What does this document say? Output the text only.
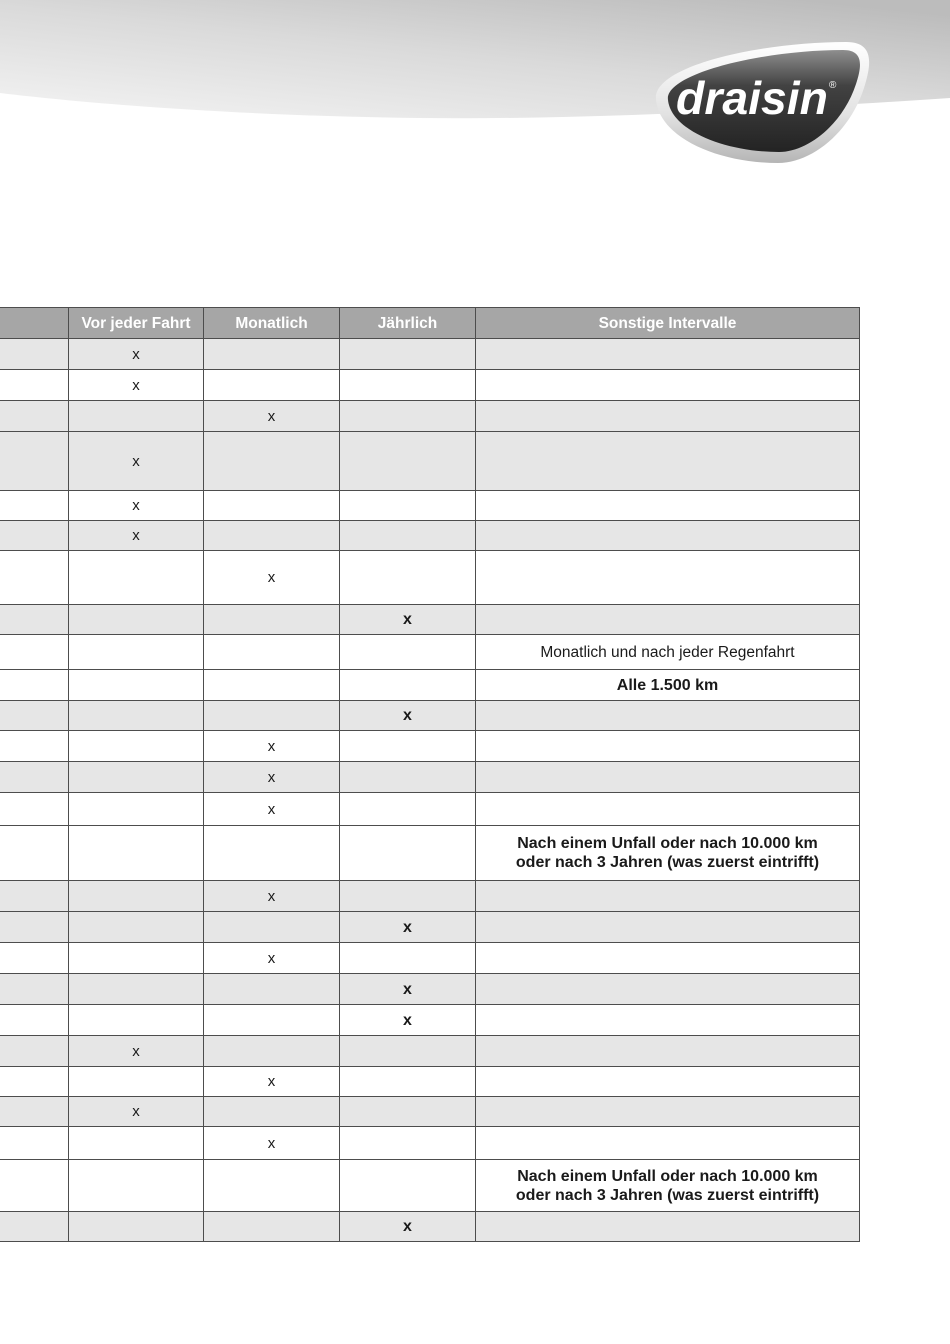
draisin ®
	Vor jeder Fahrt	Monatlich	Jährlich	Sonstige Intervalle
	x			
	x			
		x		
	x			
	x			
	x			
		x		
			x	
				Monatlich und nach jeder Regenfahrt
				Alle 1.500 km
			x	
		x		
		x		
		x		

				Nach einem Unfall oder nach 10.000 km
oder nach 3 Jahren (was zuerst eintrifft)

		x		
			x	
		x		
			x	
			x	
	x			
		x		
	x			
		x		

				Nach einem Unfall oder nach 10.000 km
oder nach 3 Jahren (was zuerst eintrifft)

			x	
